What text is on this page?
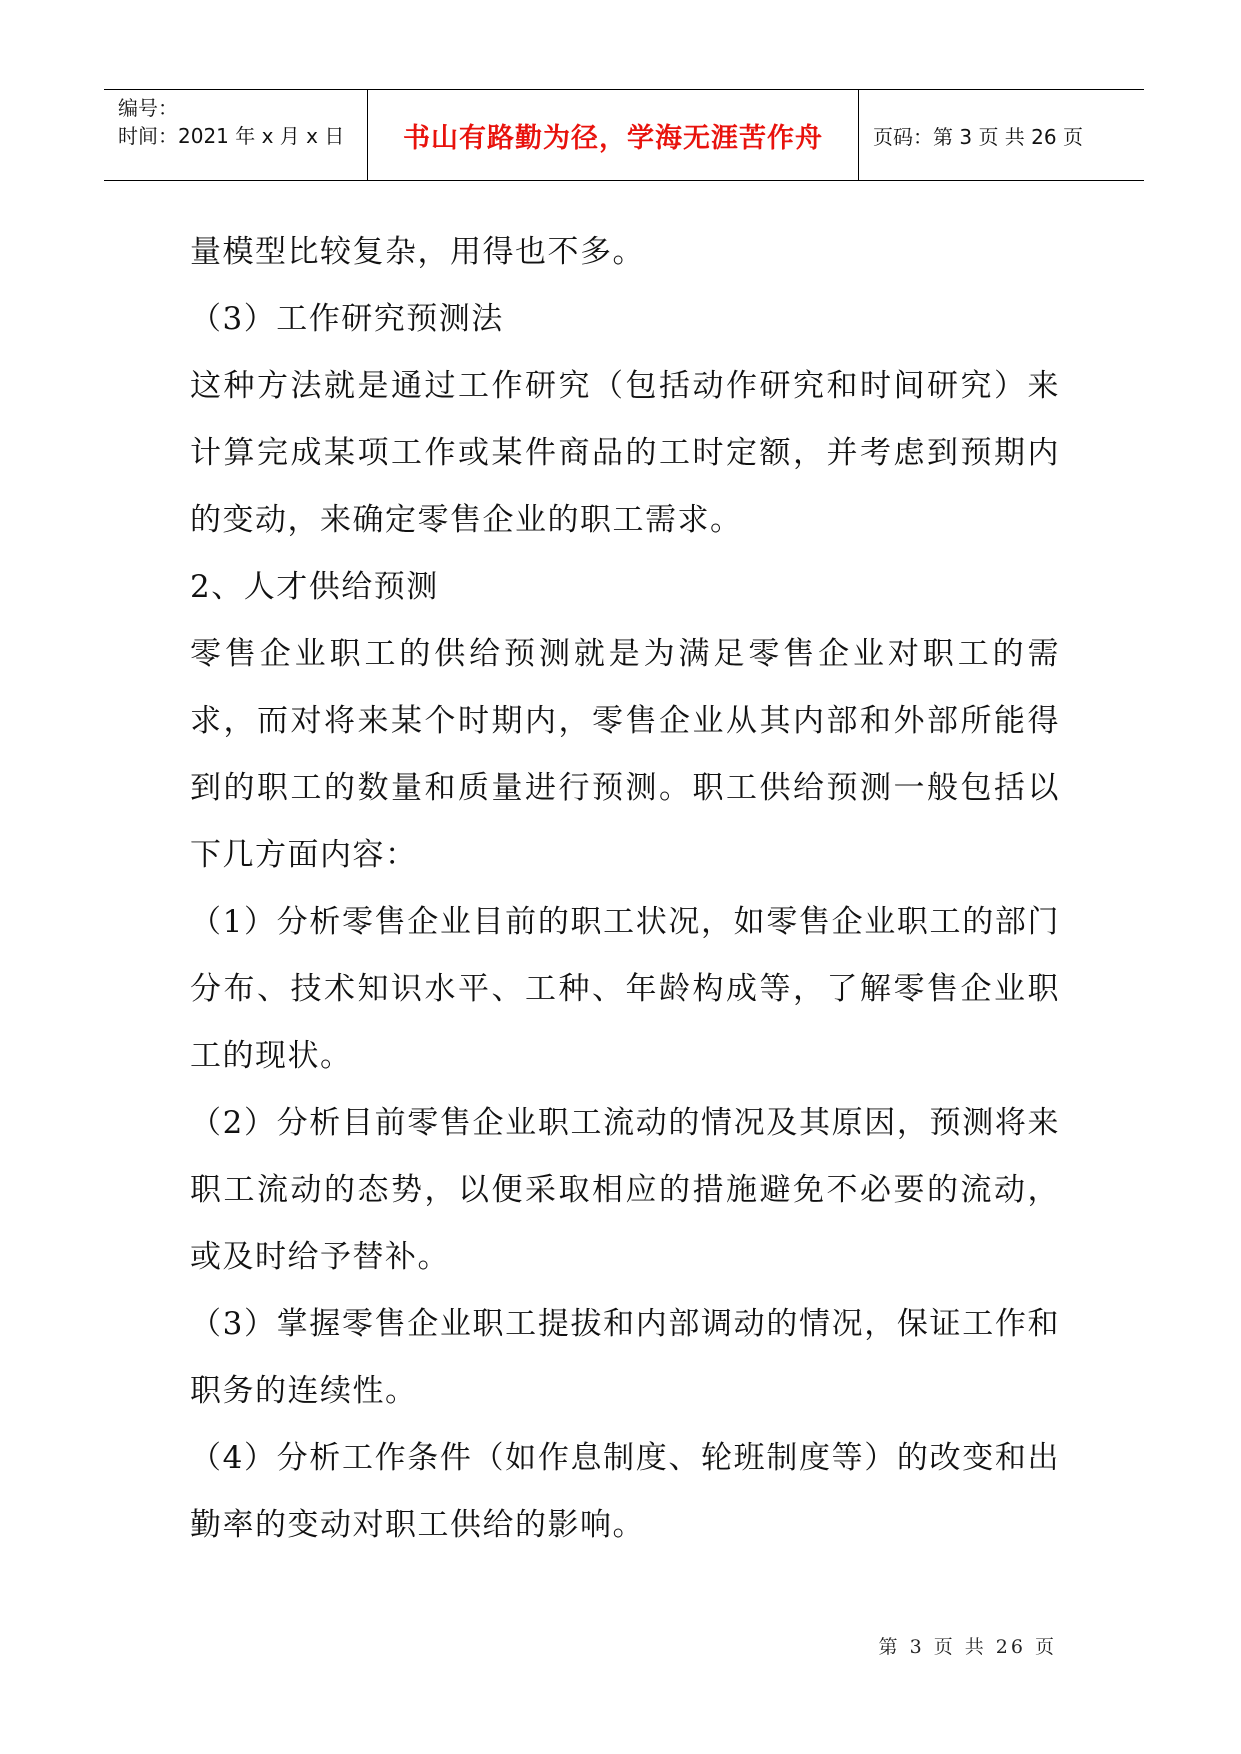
编号：
时间：2021 年 x 月 x 日	书山有路勤为径，学海无涯苦作舟	页码：第 3 页 共 26 页

量模型比较复杂，用得也不多。

（3）工作研究预测法

这种方法就是通过工作研究（包括动作研究和时间研究）来计算完成某项工作或某件商品的工时定额，并考虑到预期内的变动，来确定零售企业的职工需求。

2、人才供给预测

零售企业职工的供给预测就是为满足零售企业对职工的需求，而对将来某个时期内，零售企业从其内部和外部所能得到的职工的数量和质量进行预测。职工供给预测一般包括以下几方面内容：

（1）分析零售企业目前的职工状况，如零售企业职工的部门分布、技术知识水平、工种、年龄构成等，了解零售企业职工的现状。

（2）分析目前零售企业职工流动的情况及其原因，预测将来职工流动的态势，以便采取相应的措施避免不必要的流动，或及时给予替补。

（3）掌握零售企业职工提拔和内部调动的情况，保证工作和职务的连续性。

（4）分析工作条件（如作息制度、轮班制度等）的改变和出勤率的变动对职工供给的影响。

第 3 页 共 26 页
